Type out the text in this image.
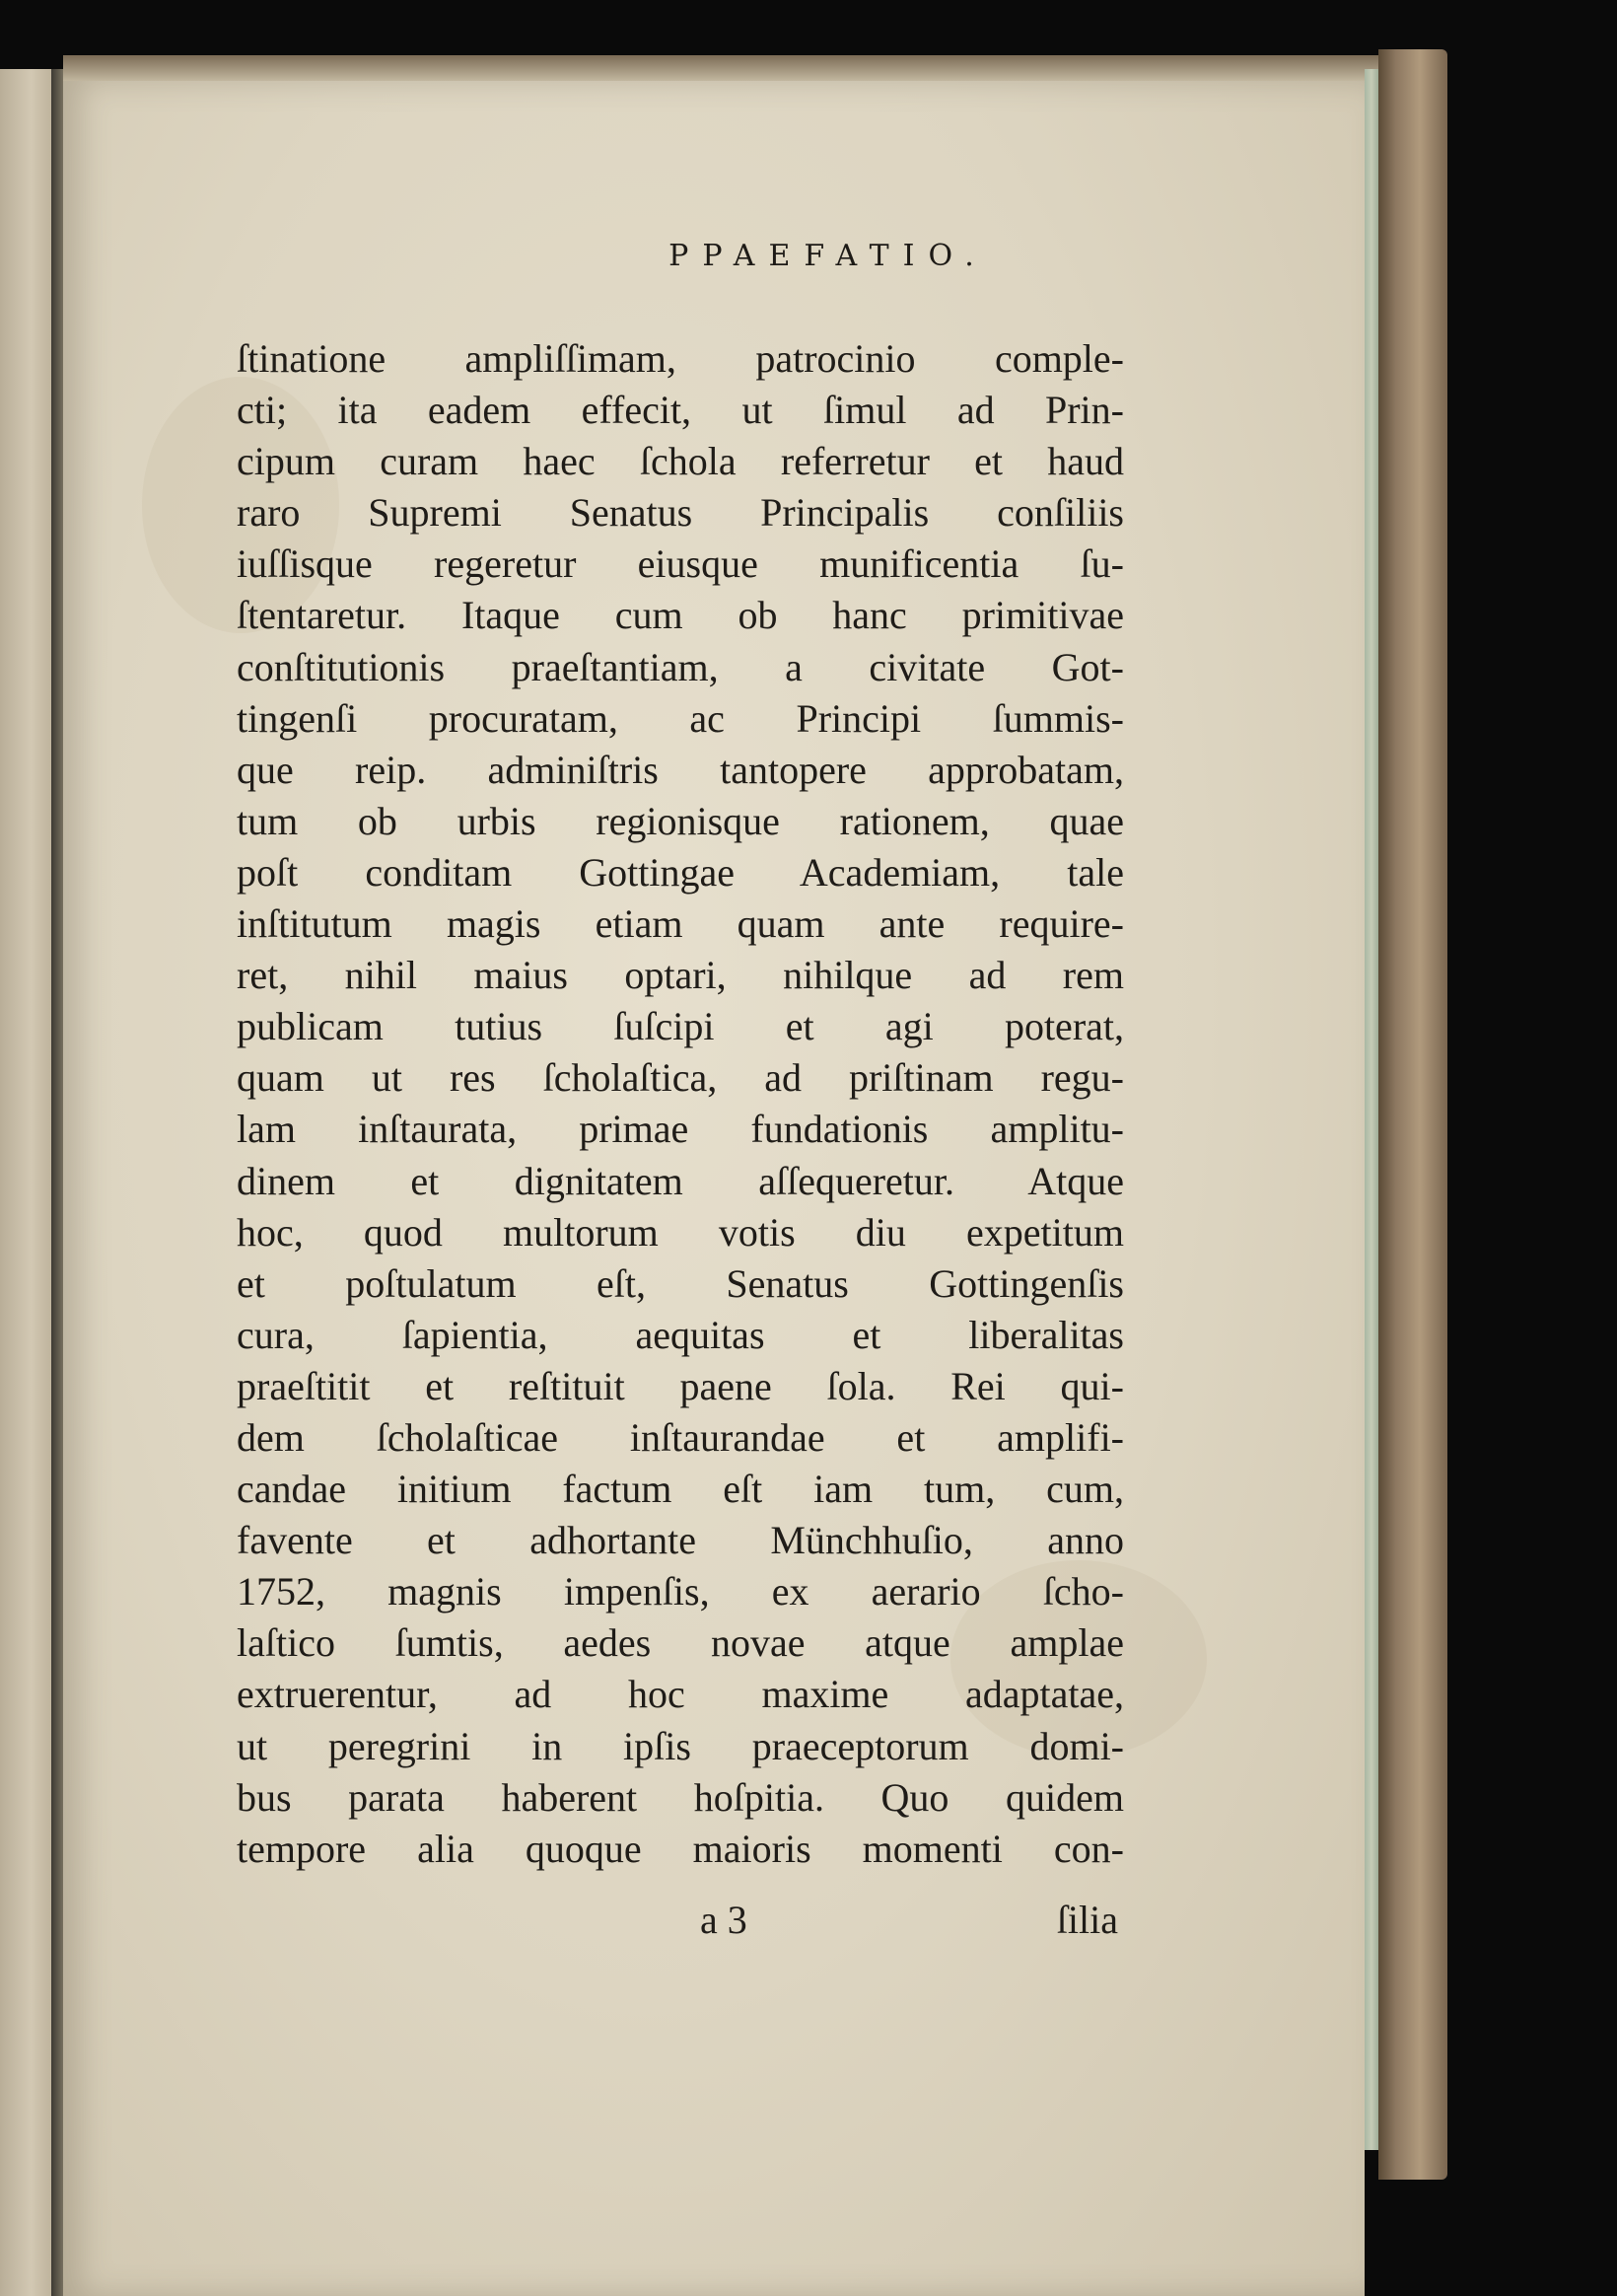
PPAEFATIO.
ſtinatione ampliſſimam, patrocinio comple-
cti; ita eadem effecit, ut ſimul ad Prin-
cipum curam haec ſchola referretur et haud
raro Supremi Senatus Principalis conſiliis
iuſſisque regeretur eiusque munificentia ſu-
ſtentaretur. Itaque cum ob hanc primitivae
conſtitutionis praeſtantiam, a civitate Got-
tingenſi procuratam, ac Principi ſummis-
que reip. adminiſtris tantopere approbatam,
tum ob urbis regionisque rationem, quae
poſt conditam Gottingae Academiam, tale
inſtitutum magis etiam quam ante require-
ret, nihil maius optari, nihilque ad rem
publicam tutius ſuſcipi et agi poterat,
quam ut res ſcholaſtica, ad priſtinam regu-
lam inſtaurata, primae fundationis amplitu-
dinem et dignitatem aſſequeretur. Atque
hoc, quod multorum votis diu expetitum
et poſtulatum eſt, Senatus Gottingenſis
cura, ſapientia, aequitas et liberalitas
praeſtitit et reſtituit paene ſola. Rei qui-
dem ſcholaſticae inſtaurandae et amplifi-
candae initium factum eſt iam tum, cum,
favente et adhortante Münchhuſio, anno
1752, magnis impenſis, ex aerario ſcho-
laſtico ſumtis, aedes novae atque amplae
extruerentur, ad hoc maxime adaptatae,
ut peregrini in ipſis praeceptorum domi-
bus parata haberent hoſpitia. Quo quidem
tempore alia quoque maioris momenti con-
a 3	ſilia
